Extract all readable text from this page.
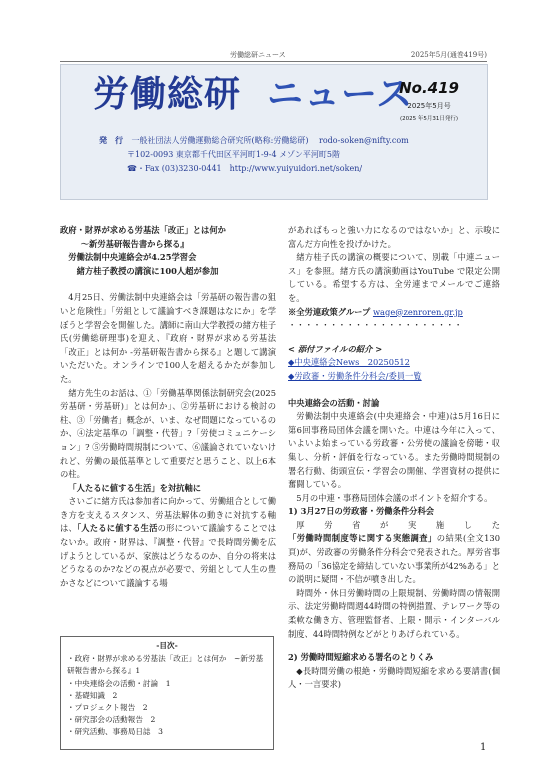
労働総研ニュース	2025年5月(通巻419号)
労働総研 ニュース
No.419
2025年5月号
(2025 年5月31日発行)
発　行 一般社団法人労働運動総合研究所(略称:労働総研) rodo-soken@nifty.com
〒102-0093 東京都千代田区平河町1-9-4 メゾン平河町5階
☎・Fax (03)3230-0441　http://www.yuiyuidori.net/soken/

政府・財界が求める労基法「改正」とは何か

～新労基研報告書から探る』

労働法制中央連絡会が4.25学習会

緒方桂子教授の講演に100人超が参加

4月25日、労働法制中央連絡会は「労基研の報告書の狙いと危険性」「労組として議論すべき課題はなにか」を学ぼうと学習会を開催した。講師に南山大学教授の緒方桂子氏(労働総研理事)を迎え、『政府・財界が求める労基法「改正」とは何か -労基研報告書から探る』と題して講演いただいた。オンラインで100人を超えるかたが参加した。

緒方先生のお話は、①「労働基準関係法制研究会(2025労基研・労基研)」とは何か」、②労基研における検討の柱、③「労働者」概念が、いま、なぜ問題になっているのか、④法定基準の「調整・代替」?「労使コミュニケーション」? ⑤労働時間規制について、⑥議論されていないけれど、労働の最低基準として重要だと思うこと、以上6本の柱。

「人たるに値する生活」を対抗軸に

さいごに緒方氏は参加者に向かって、労働組合として働き方を支えるスタンス、労基法解体の動きに対抗する軸は、「人たるに値する生活の形について議論することではないか。政府・財界は、『調整・代替』で長時間労働を広げようとしているが、家族はどうなるのか、自分の将来はどうなるのか?などの視点が必要で、労組として人生の豊かさなどについて議論する場

-目次-
・政府・財界が求める労基法「改正」とは何か　~新労基研報告書から探る』1
・中央連絡会の活動・討論　1
・基礎知識　2
・プロジェクト報告　2
・研究部会の活動報告　2
・研究活動、事務局日誌　3

があればもっと強い力になるのではないか」と、示唆に富んだ方向性を投げかけた。

緒方桂子氏の講演の概要について、別載「中連ニュース」を参照。緒方氏の講演動画はYouTube で限定公開している。希望する方は、全労連までメールでご連絡を。

※全労連政策グループ wage@zenroren.gr.jp

・・・・・・・・・・・・・・・・・・・・・

< 添付ファイルの紹介 >

◆中央連絡会News　20250512

◆労政審・労働条件分科会/委員一覧

中央連絡会の活動・討論

労働法制中央連絡会(中央連絡会・中連)は5月16日に第6回事務局団体会議を開いた。中連は今年に入って、いよいよ始まっている労政審・公労使の議論を傍聴・収集し、分析・評価を行なっている。また労働時間規制の署名行動、街頭宣伝・学習会の開催、学習資材の提供に奮闘している。

5月の中連・事務局団体会議のポイントを紹介する。

1) 3月27日の労政審・労働条件分科会

厚労省が実施した「労働時間制度等に関する実態調査」の結果(全文130頁)が、労政審の労働条件分科会で発表された。厚労省事務局の「36協定を締結していない事業所が42%ある」との説明に疑問・不信が噴き出した。

時間外・休日労働時間の上限規制、労働時間の情報開示、法定労働時間週44時間の特例措置、テレワーク等の柔軟な働き方、管理監督者、上限・開示・インターバル制度、44時間特例などがとりあげられている。

2) 労働時間短縮求める署名のとりくみ

◆長時間労働の根絶・労働時間短縮を求める要請書(個人・一言要求)

1
